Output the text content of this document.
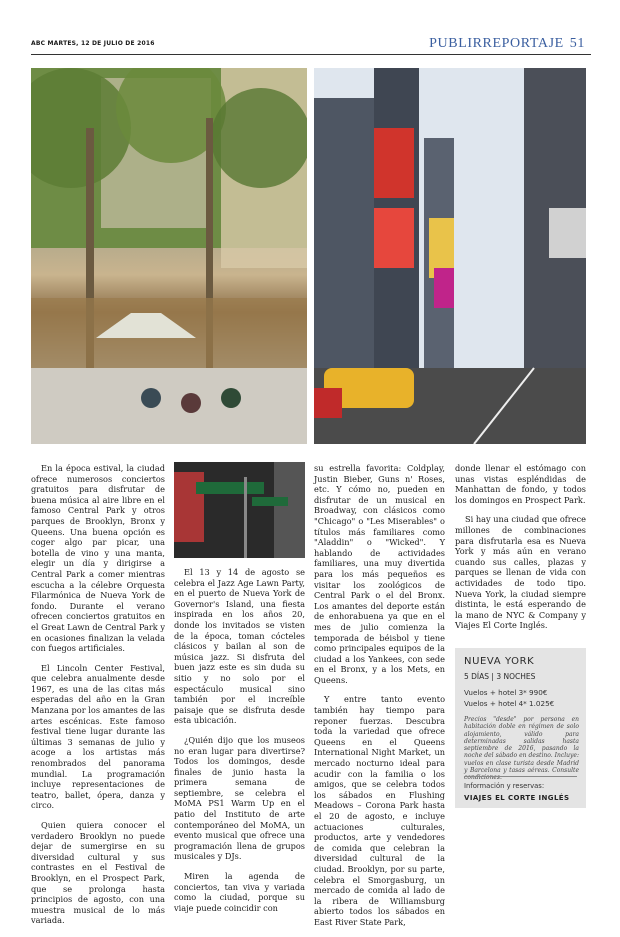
ABC MARTES, 12 DE JULIO DE 2016	PUBLIRREPORTAJE 51

En la época estival, la ciudad ofrece numerosos conciertos gratuitos para disfrutar de buena música al aire libre en el famoso Central Park y otros parques de Brooklyn, Bronx y Queens. Una buena opción es coger algo par picar, una botella de vino y una manta, elegir un día y dirigirse a Central Park a comer mientras escucha a la célebre Orquesta Filarmónica de Nueva York de fondo. Durante el verano ofrecen conciertos gratuitos en el Great Lawn de Central Park y en ocasiones finalizan la velada con fuegos artificiales.

El Lincoln Center Festival, que celebra anualmente desde 1967, es una de las citas más esperadas del año en la Gran Manzana por los amantes de las artes escénicas. Este famoso festival tiene lugar durante las últimas 3 semanas de julio y acoge a los artistas más renombrados del panorama mundial. La programación incluye representaciones de teatro, ballet, ópera, danza y circo.

Quien quiera conocer el verdadero Brooklyn no puede dejar de sumergirse en su diversidad cultural y sus contrastes en el Festival de Brooklyn, en el Prospect Park, que se prolonga hasta principios de agosto, con una muestra musical de lo más variada.

El 13 y 14 de agosto se celebra el Jazz Age Lawn Party, en el puerto de Nueva York de Governor's Island, una fiesta inspirada en los años 20, donde los invitados se visten de la época, toman cócteles clásicos y bailan al son de música jazz. Si disfruta del buen jazz este es sin duda su sitio y no solo por el espectáculo musical sino también por el increíble paisaje que se disfruta desde esta ubicación.

¿Quién dijo que los museos no eran lugar para divertirse? Todos los domingos, desde finales de junio hasta la primera semana de septiembre, se celebra el MoMA PS1 Warm Up en el patio del Instituto de arte contemporáneo del MoMA, un evento musical que ofrece una programación llena de grupos musicales y DJs.

Miren la agenda de conciertos, tan viva y variada como la ciudad, porque su viaje puede coincidir con

su estrella favorita: Coldplay, Justin Bieber, Guns n' Roses, etc. Y cómo no, pueden en disfrutar de un musical en Broadway, con clásicos como "Chicago" o "Les Miserables" o títulos más familiares como "Aladdin" o "Wicked". Y hablando de actividades familiares, una muy divertida para los más pequeños es visitar los zoológicos de Central Park o el del Bronx. Los amantes del deporte están de enhorabuena ya que en el mes de julio comienza la temporada de béisbol y tiene como principales equipos de la ciudad a los Yankees, con sede en el Bronx, y a los Mets, en Queens.

Y entre tanto evento también hay tiempo para reponer fuerzas. Descubra toda la variedad que ofrece Queens en el Queens International Night Market, un mercado nocturno ideal para acudir con la familia o los amigos, que se celebra todos los sábados en Flushing Meadows – Corona Park hasta el 20 de agosto, e incluye actuaciones culturales, productos, arte y vendedores de comida que celebran la diversidad cultural de la ciudad. Brooklyn, por su parte, celebra el Smorgasburg, un mercado de comida al lado de la ribera de Williamsburg abierto todos los sábados en East River State Park,

donde llenar el estómago con unas vistas espléndidas de Manhattan de fondo, y todos los domingos en Prospect Park.

Si hay una ciudad que ofrece millones de combinaciones para disfrutarla esa es Nueva York y más aún en verano cuando sus calles, plazas y parques se llenan de vida con actividades de todo tipo. Nueva York, la ciudad siempre distinta, le está esperando de la mano de NYC & Company y Viajes El Corte Inglés.

NUEVA YORK
5 DÍAS | 3 NOCHES
Vuelos + hotel 3* 990€
Vuelos + hotel 4* 1.025€
Precios "desde" por persona en habitación doble en régimen de solo alojamiento, válido para determinadas salidas hasta septiembre de 2016, pasando la noche del sábado en destino. Incluye: vuelos en clase turista desde Madrid y Barcelona y tasas aéreas. Consulte condiciones.
Información y reservas:
VIAJES EL CORTE INGLÉS
